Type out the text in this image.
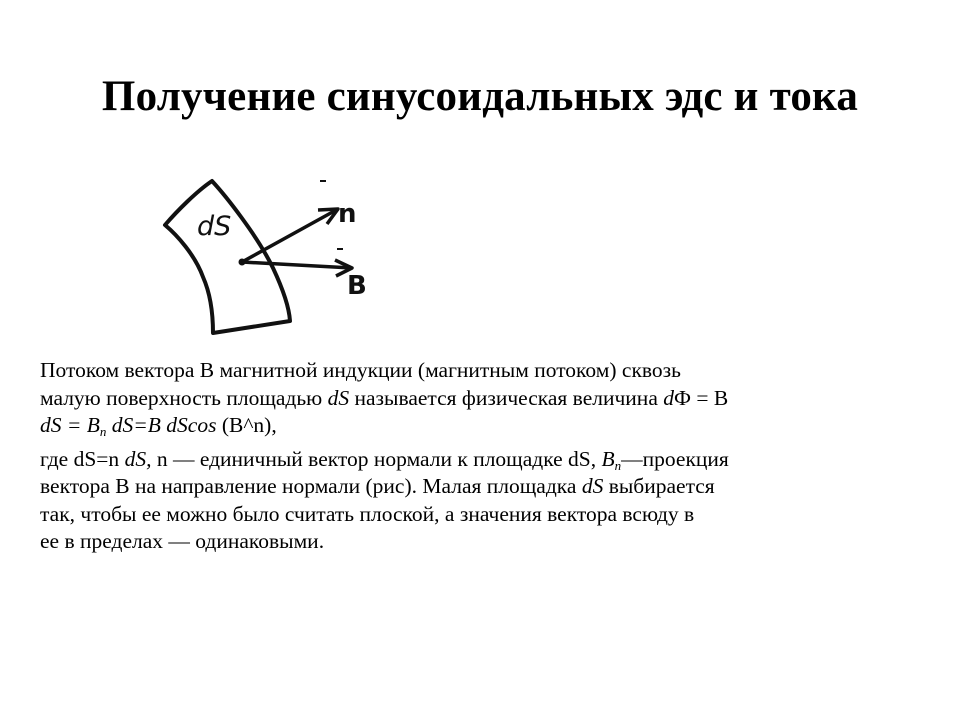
Получение синусоидальных эдс и тока
dS	n
B

Потоком вектора В магнитной индукции (магнитным потоком) сквозь
малую поверхность площадью dS называется физическая величина dФ = В
dS = $B_n$ dS=B dScos (В^n),

где dS=n dS, n — единичный вектор нормали к площадке dS, $B_n—проекция$
вектора В на направление нормали (рис). Малая площадка dS выбирается
так, чтобы ее можно было считать плоской, а значения вектора всюду в
ее в пределах — одинаковыми.
